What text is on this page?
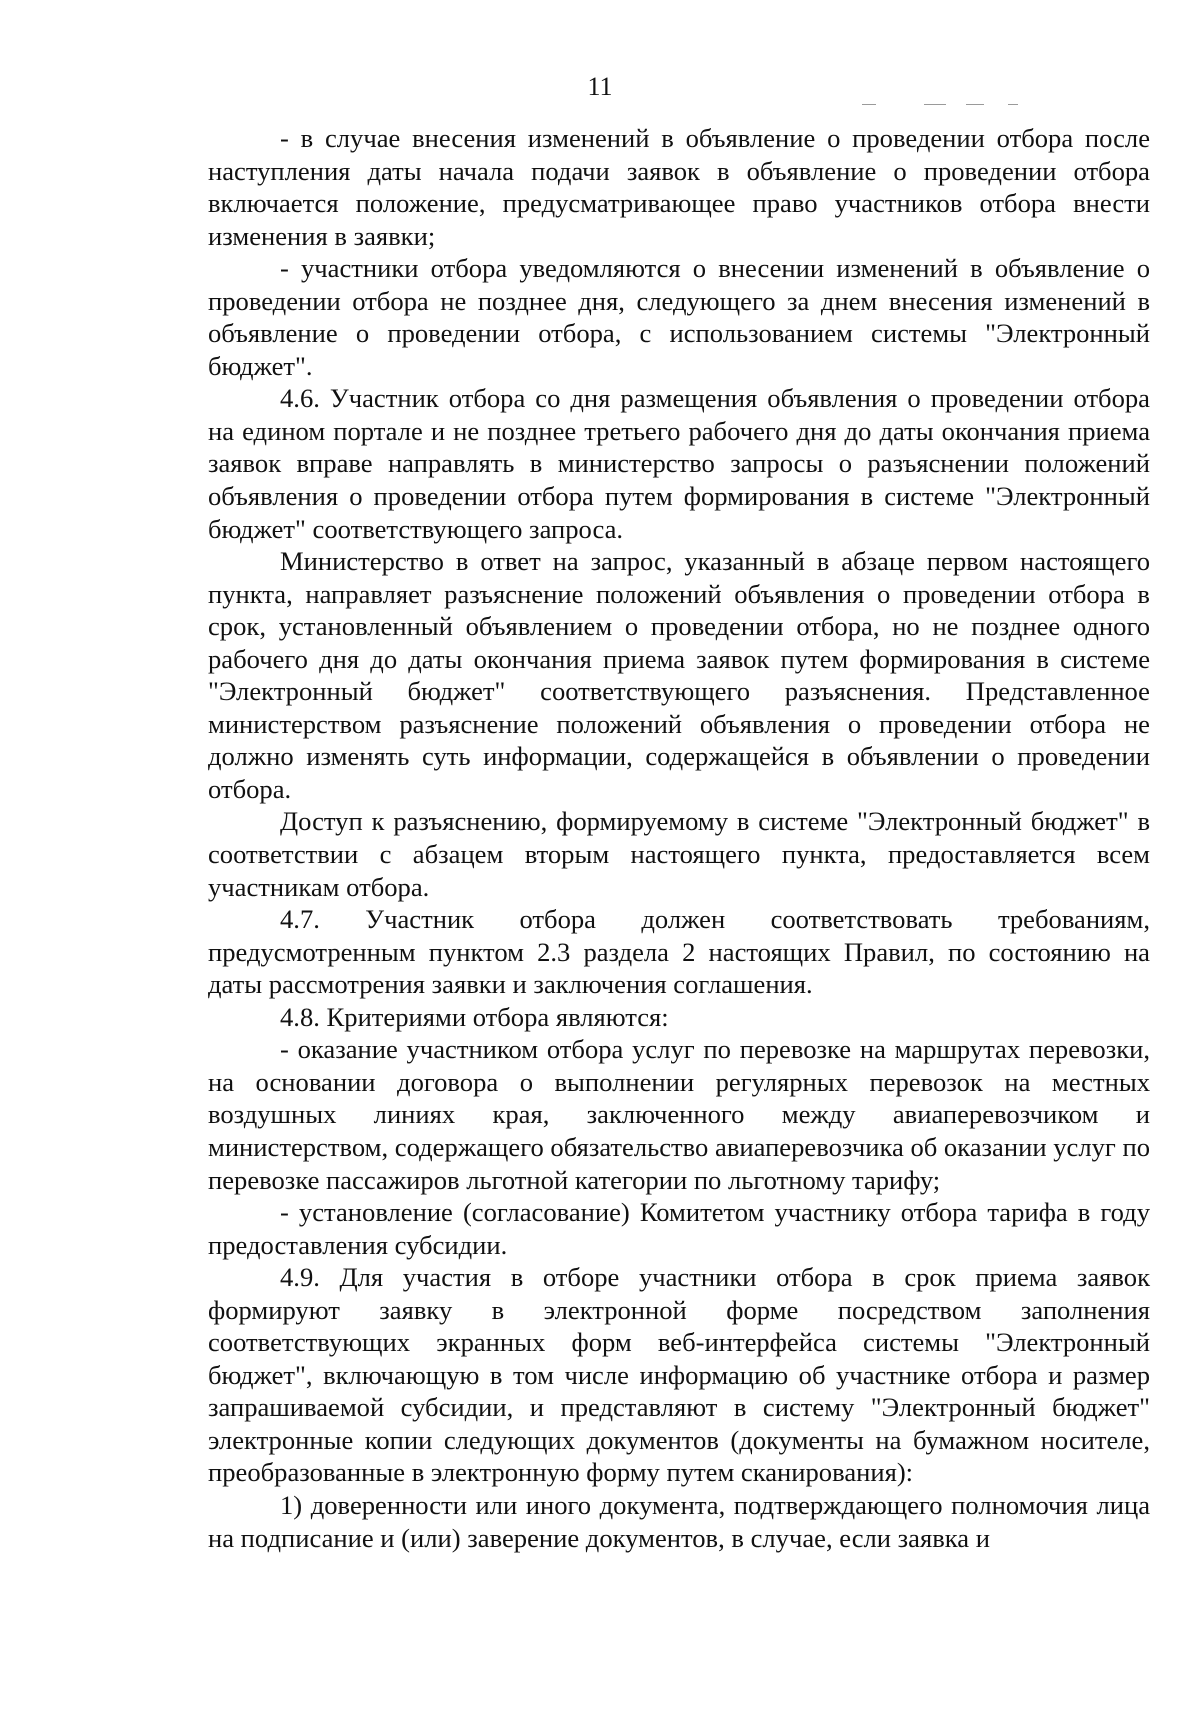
11

- в случае внесения изменений в объявление о проведении отбора после наступления даты начала подачи заявок в объявление о проведении отбора включается положение, предусматривающее право участников отбора внести изменения в заявки;

- участники отбора уведомляются о внесении изменений в объявление о проведении отбора не позднее дня, следующего за днем внесения изменений в объявление о проведении отбора, с использованием системы "Электронный бюджет".

4.6. Участник отбора со дня размещения объявления о проведении отбора на едином портале и не позднее третьего рабочего дня до даты окончания приема заявок вправе направлять в министерство запросы о разъяснении положений объявления о проведении отбора путем формирования в системе "Электронный бюджет" соответствующего запроса.

Министерство в ответ на запрос, указанный в абзаце первом настоящего пункта, направляет разъяснение положений объявления о проведении отбора в срок, установленный объявлением о проведении отбора, но не позднее одного рабочего дня до даты окончания приема заявок путем формирования в системе "Электронный бюджет" соответствующего разъяснения. Представленное министерством разъяснение положений объявления о проведении отбора не должно изменять суть информации, содержащейся в объявлении о проведении отбора.

Доступ к разъяснению, формируемому в системе "Электронный бюджет" в соответствии с абзацем вторым настоящего пункта, предоставляется всем участникам отбора.

4.7. Участник отбора должен соответствовать требованиям, предусмотренным пунктом 2.3 раздела 2 настоящих Правил, по состоянию на даты рассмотрения заявки и заключения соглашения.

4.8. Критериями отбора являются:

- оказание участником отбора услуг по перевозке на маршрутах перевозки, на основании договора о выполнении регулярных перевозок на местных воздушных линиях края, заключенного между авиаперевозчиком и министерством, содержащего обязательство авиаперевозчика об оказании услуг по перевозке пассажиров льготной категории по льготному тарифу;

- установление (согласование) Комитетом участнику отбора тарифа в году предоставления субсидии.

4.9. Для участия в отборе участники отбора в срок приема заявок формируют заявку в электронной форме посредством заполнения соответствующих экранных форм веб-интерфейса системы "Электронный бюджет", включающую в том числе информацию об участнике отбора и размер запрашиваемой субсидии, и представляют в систему "Электронный бюджет" электронные копии следующих документов (документы на бумажном носителе, преобразованные в электронную форму путем сканирования):

1) доверенности или иного документа, подтверждающего полномочия лица на подписание и (или) заверение документов, в случае, если заявка и
